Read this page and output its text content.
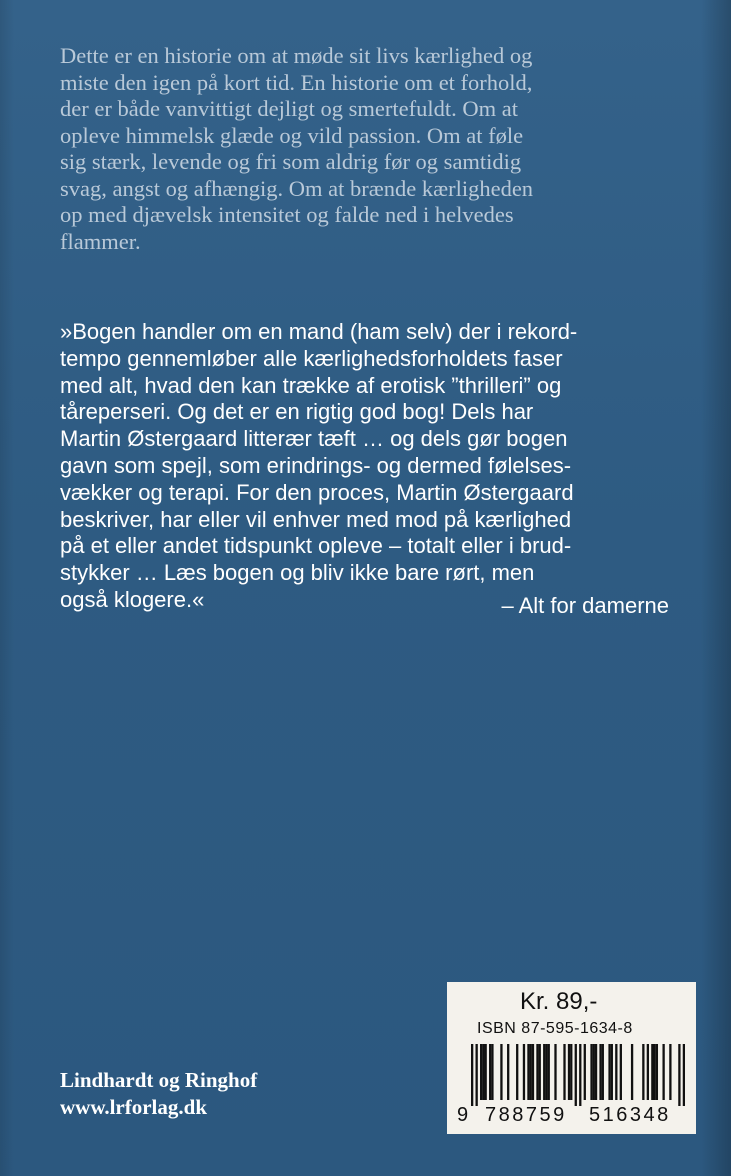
Dette er en historie om at møde sit livs kærlighed og
miste den igen på kort tid. En historie om et forhold,
der er både vanvittigt dejligt og smertefuldt. Om at
opleve himmelsk glæde og vild passion. Om at føle
sig stærk, levende og fri som aldrig før og samtidig
svag, angst og afhængig. Om at brænde kærligheden
op med djævelsk intensitet og falde ned i helvedes
flammer.

»Bogen handler om en mand (ham selv) der i rekord-
tempo gennemløber alle kærlighedsforholdets faser
med alt, hvad den kan trække af erotisk ”thrilleri” og
tåreperseri. Og det er en rigtig god bog! Dels har
Martin Østergaard litterær tæft … og dels gør bogen
gavn som spejl, som erindrings- og dermed følelses-
vækker og terapi. For den proces, Martin Østergaard
beskriver, har eller vil enhver med mod på kærlighed
på et eller andet tidspunkt opleve – totalt eller i brud-
stykker … Læs bogen og bliv ikke bare rørt, men
også klogere.«	– Alt for damerne
Lindhardt og Ringhof
www.lrforlag.dk
Kr. 89,-
ISBN 87-595-1634-8
9 788759 516348
